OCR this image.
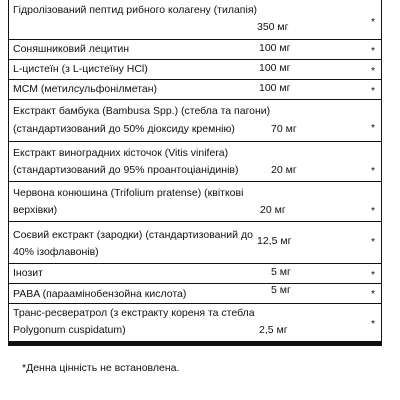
Гідролізований пептид рибного колагену (тилапія)
350 мг	*
Соняшниковий лецитин	100 мг	*
L-цистеїн (з L-цистеїну HCl)	100 мг	*
МСМ (метилсульфонілметан)	100 мг	*
Екстракт бамбука (Bambusa Spp.) (стебла та пагони)
(стандартизований до 50% діоксиду кремнію)	70 мг	*
Екстракт виноградних кісточок (Vitis vinifera)
(стандартизований до 95% проантоціанідинів)	20 мг	*
Червона конюшина (Trifolium pratense) (квіткові
верхівки)	20 мг	*
Соєвий екстракт (зародки) (стандартизований до
40% ізофлавонів)
12,5 мг	*
Інозит	5 мг	*
PABA (параамінобензойна кислота)	5 мг	*
Транс-ресвератрол (з екстракту кореня та стебла
Polygonum cuspidatum)	2,5 мг	*
*Денна цінність не встановлена.
